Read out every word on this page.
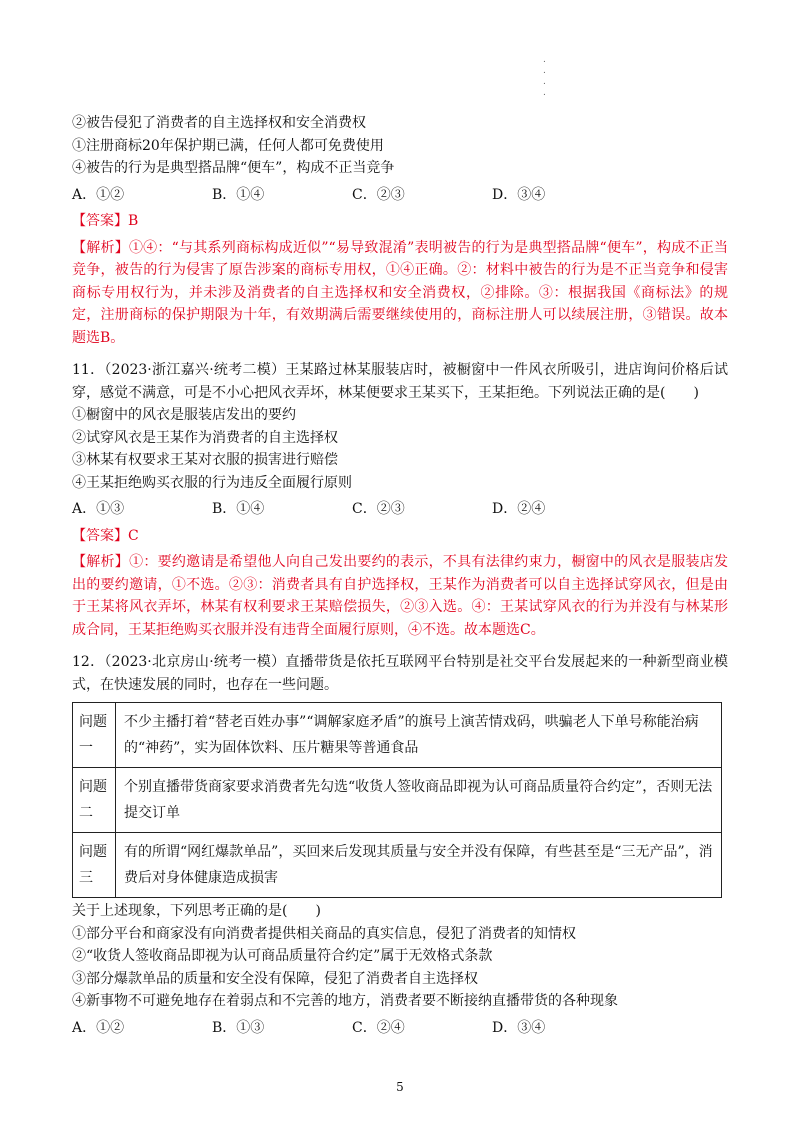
.
.
.
.
②被告侵犯了消费者的自主选择权和安全消费权
①注册商标20年保护期已满，任何人都可免费使用
④被告的行为是典型搭品牌“便车”，构成不正当竞争
A．①②	B．①④	C．②③	D．③④
【答案】B
【解析】①④：“与其系列商标构成近似”“易导致混淆”表明被告的行为是典型搭品牌“便车”，构成不正当竞争，被告的行为侵害了原告涉案的商标专用权，①④正确。②：材料中被告的行为是不正当竞争和侵害商标专用权行为，并未涉及消费者的自主选择权和安全消费权，②排除。③：根据我国《商标法》的规定，注册商标的保护期限为十年，有效期满后需要继续使用的，商标注册人可以续展注册，③错误。故本题选B。
11．（2023·浙江嘉兴·统考二模）王某路过林某服装店时，被橱窗中一件风衣所吸引，进店询问价格后试穿，感觉不满意，可是不小心把风衣弄坏，林某便要求王某买下，王某拒绝。下列说法正确的是(　　)
①橱窗中的风衣是服装店发出的要约
②试穿风衣是王某作为消费者的自主选择权
③林某有权要求王某对衣服的损害进行赔偿
④王某拒绝购买衣服的行为违反全面履行原则
A．①③	B．①④	C．②③	D．②④
【答案】C
【解析】①：要约邀请是希望他人向自己发出要约的表示，不具有法律约束力，橱窗中的风衣是服装店发出的要约邀请，①不选。②③：消费者具有自护选择权，王某作为消费者可以自主选择试穿风衣，但是由于王某将风衣弄坏，林某有权利要求王某赔偿损失，②③入选。④：王某试穿风衣的行为并没有与林某形成合同，王某拒绝购买衣服并没有违背全面履行原则，④不选。故本题选C。
12．（2023·北京房山·统考一模）直播带货是依托互联网平台特别是社交平台发展起来的一种新型商业模式，在快速发展的同时，也存在一些问题。
问题一	不少主播打着“替老百姓办事”“调解家庭矛盾”的旗号上演苦情戏码，哄骗老人下单号称能治病的“神药”，实为固体饮料、压片糖果等普通食品
问题二	个别直播带货商家要求消费者先勾选“收货人签收商品即视为认可商品质量符合约定”，否则无法提交订单
问题三	有的所谓“网红爆款单品”，买回来后发现其质量与安全并没有保障，有些甚至是“三无产品”，消费后对身体健康造成损害
关于上述现象，下列思考正确的是(　　)
①部分平台和商家没有向消费者提供相关商品的真实信息，侵犯了消费者的知情权
②“收货人签收商品即视为认可商品质量符合约定”属于无效格式条款
③部分爆款单品的质量和安全没有保障，侵犯了消费者自主选择权
④新事物不可避免地存在着弱点和不完善的地方，消费者要不断接纳直播带货的各种现象
A．①②	B．①③	C．②④	D．③④
5
